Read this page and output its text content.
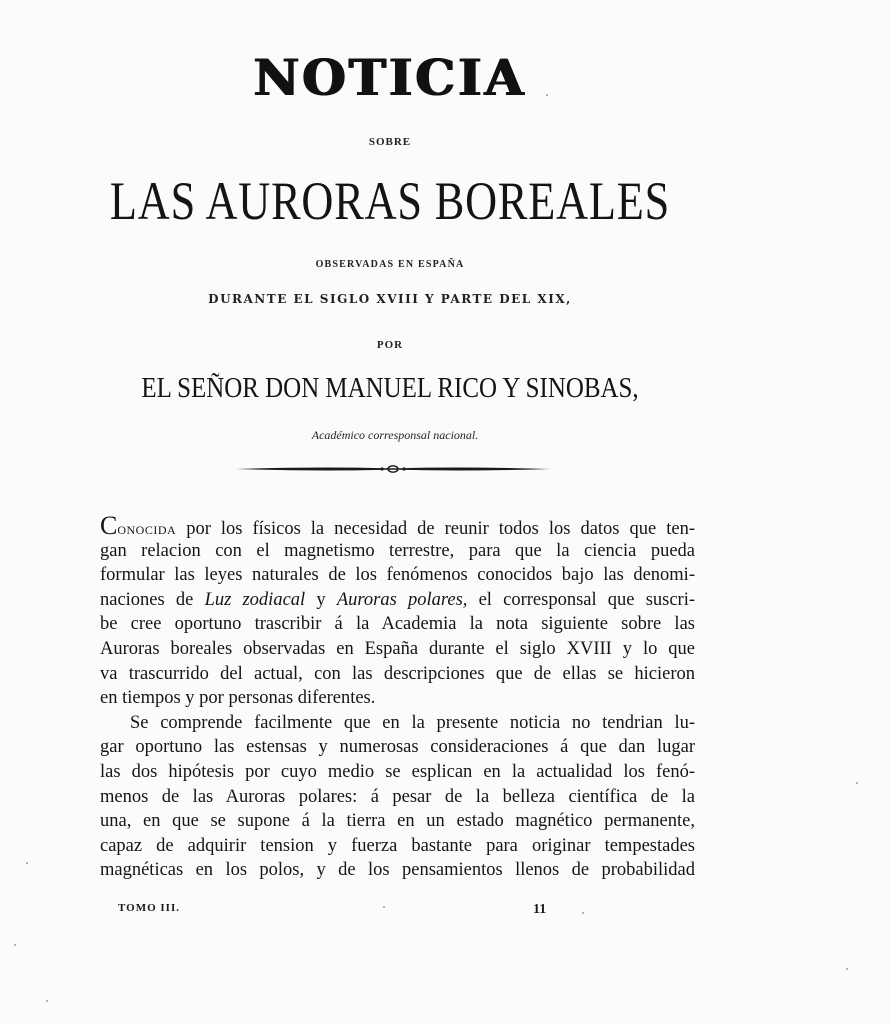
NOTICIA
SOBRE
LAS AURORAS BOREALES
OBSERVADAS EN ESPAÑA
DURANTE EL SIGLO XVIII Y PARTE DEL XIX,
POR
EL SEÑOR DON MANUEL RICO Y SINOBAS,
Académico corresponsal nacional.
CONOCIDA por los físicos la necesidad de reunir todos los datos que ten-
gan relacion con el magnetismo terrestre, para que la ciencia pueda
formular las leyes naturales de los fenómenos conocidos bajo las denomi-
naciones de Luz zodiacal y Auroras polares, el corresponsal que suscri-
be cree oportuno trascribir á la Academia la nota siguiente sobre las
Auroras boreales observadas en España durante el siglo XVIII y lo que
va trascurrido del actual, con las descripciones que de ellas se hicieron
en tiempos y por personas diferentes.
Se comprende facilmente que en la presente noticia no tendrian lu-
gar oportuno las estensas y numerosas consideraciones á que dan lugar
las dos hipótesis por cuyo medio se esplican en la actualidad los fenó-
menos de las Auroras polares: á pesar de la belleza científica de la
una, en que se supone á la tierra en un estado magnético permanente,
capaz de adquirir tension y fuerza bastante para originar tempestades
magnéticas en los polos, y de los pensamientos llenos de probabilidad
TOMO III.	11
